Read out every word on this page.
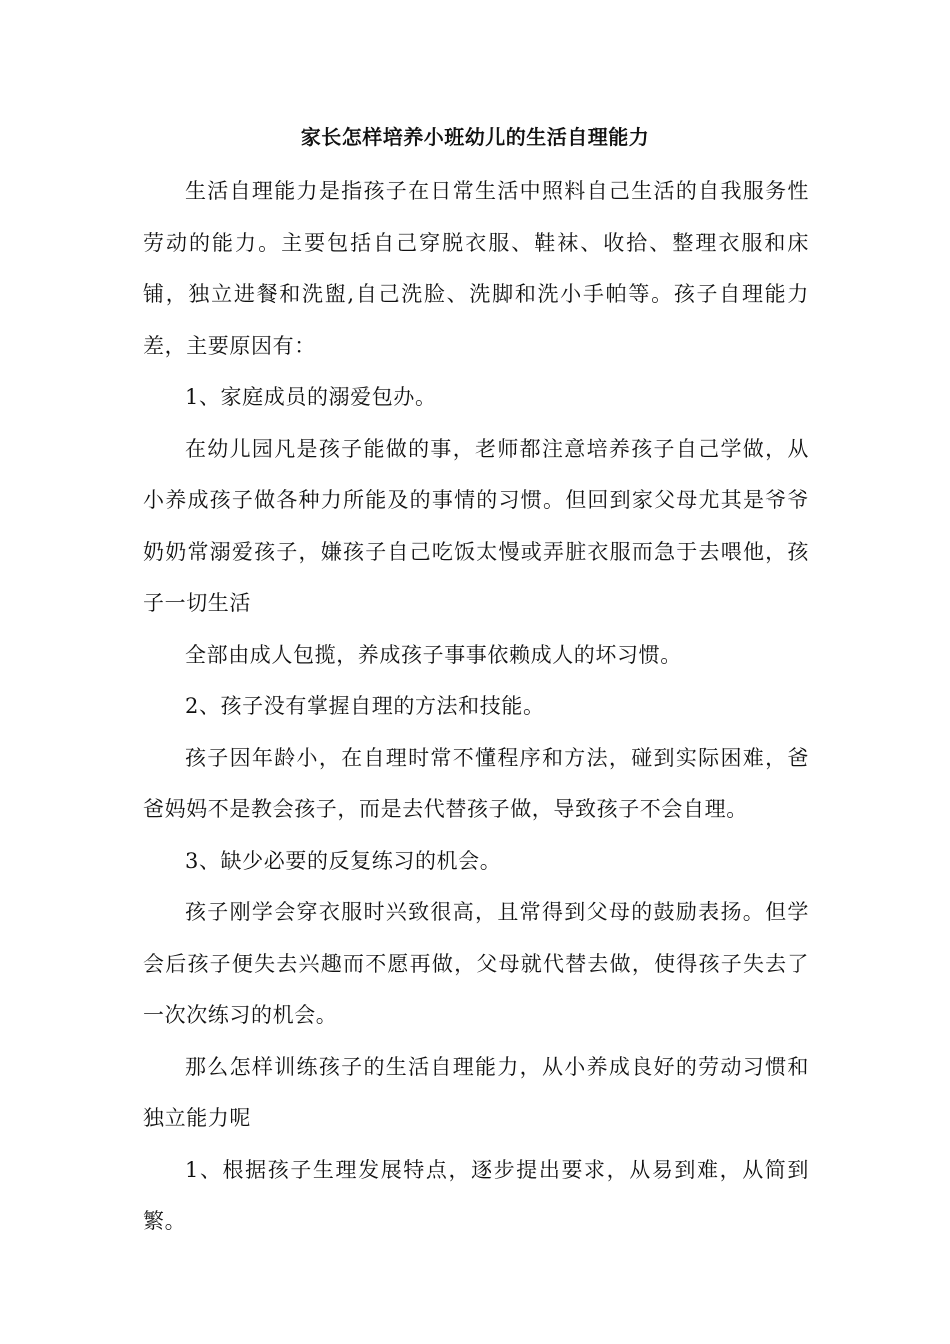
家长怎样培养小班幼儿的生活自理能力

生活自理能力是指孩子在日常生活中照料自己生活的自我服务性劳动的能力。主要包括自己穿脱衣服、鞋袜、收拾、整理衣服和床铺，独立进餐和洗盥,自己洗脸、洗脚和洗小手帕等。孩子自理能力差，主要原因有：

1、家庭成员的溺爱包办。

在幼儿园凡是孩子能做的事，老师都注意培养孩子自己学做，从小养成孩子做各种力所能及的事情的习惯。但回到家父母尤其是爷爷奶奶常溺爱孩子，嫌孩子自己吃饭太慢或弄脏衣服而急于去喂他，孩子一切生活

全部由成人包揽，养成孩子事事依赖成人的坏习惯。

2、孩子没有掌握自理的方法和技能。

孩子因年龄小，在自理时常不懂程序和方法，碰到实际困难，爸爸妈妈不是教会孩子，而是去代替孩子做，导致孩子不会自理。

3、缺少必要的反复练习的机会。

孩子刚学会穿衣服时兴致很高，且常得到父母的鼓励表扬。但学会后孩子便失去兴趣而不愿再做，父母就代替去做，使得孩子失去了一次次练习的机会。

那么怎样训练孩子的生活自理能力，从小养成良好的劳动习惯和独立能力呢

1、根据孩子生理发展特点，逐步提出要求，从易到难，从简到繁。
